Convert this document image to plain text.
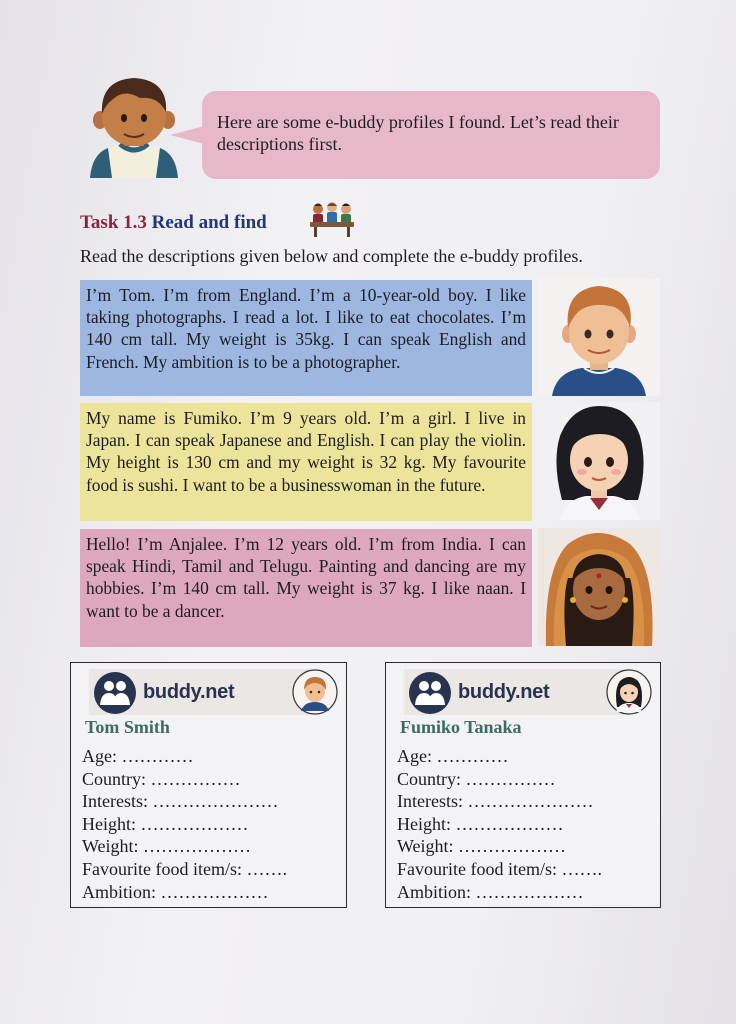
Here are some e-buddy profiles I found. Let’s read their descriptions first.
Task 1.3 Read and find
Read the descriptions given below and complete the e-buddy profiles.
I’m Tom. I’m from England. I’m a 10-year-old boy. I like taking photographs. I read a lot. I like to eat chocolates. I’m 140 cm tall. My weight is 35kg. I can speak English and French. My ambition is to be a photographer.
My name is Fumiko. I’m 9 years old. I’m a girl. I live in Japan. I can speak Japanese and English. I can play the violin. My height is 130 cm and my weight is 32 kg. My favourite food is sushi. I want to be a businesswoman in the future.
Hello! I’m Anjalee. I’m 12 years old. I’m from India. I can speak Hindi, Tamil and Telugu. Painting and dancing are my hobbies. I’m 140 cm tall. My weight is 37 kg. I like naan. I want to be a dancer.
buddy.net
Tom Smith
Age: …………
Country: ……………
Interests: …………………
Height: ………………
Weight: ………………
Favourite food item/s: …….
Ambition: ………………
buddy.net
Fumiko Tanaka
Age: …………
Country: ……………
Interests: …………………
Height: ………………
Weight: ………………
Favourite food item/s: …….
Ambition: ………………
